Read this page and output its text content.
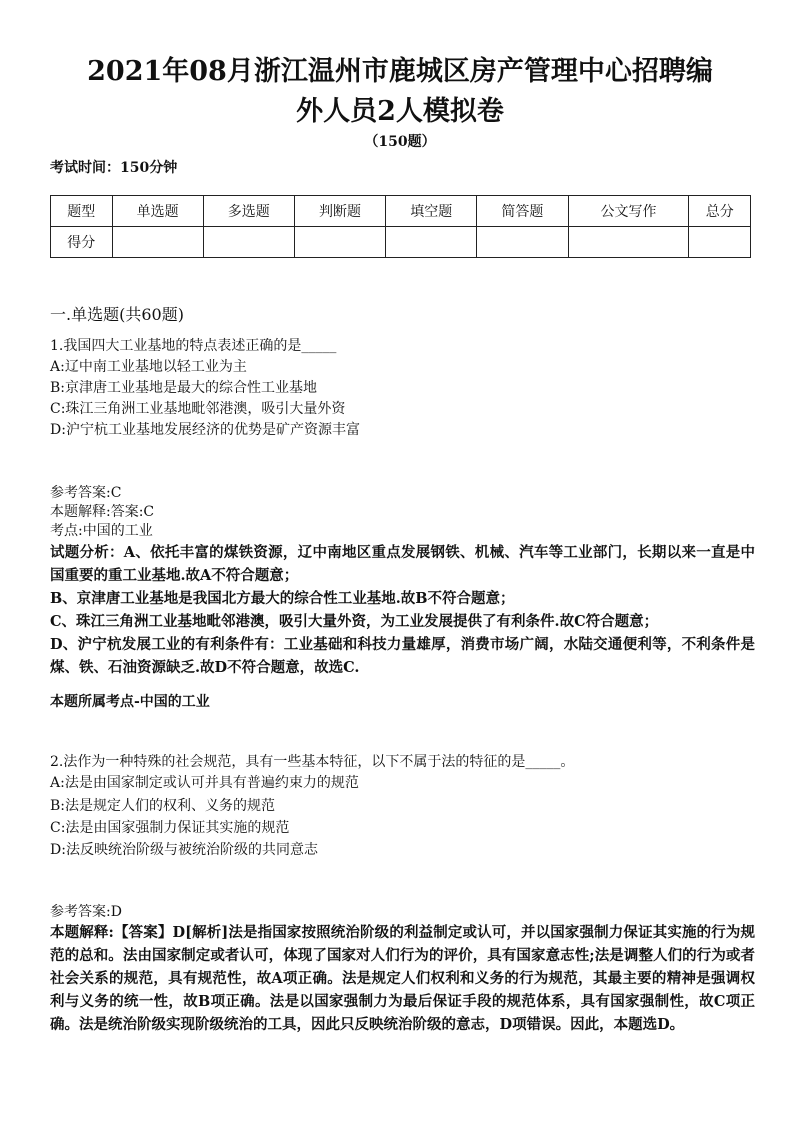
2021年08月浙江温州市鹿城区房产管理中心招聘编
外人员2人模拟卷
（150题）
考试时间：150分钟
题型	单选题	多选题	判断题	填空题	简答题	公文写作	总分
得分							
一.单选题(共60题)
1.我国四大工业基地的特点表述正确的是_____
A:辽中南工业基地以轻工业为主
B:京津唐工业基地是最大的综合性工业基地
C:珠江三角洲工业基地毗邻港澳，吸引大量外资
D:沪宁杭工业基地发展经济的优势是矿产资源丰富
参考答案:C
本题解释:答案:C
考点:中国的工业
试题分析：A、依托丰富的煤铁资源，辽中南地区重点发展钢铁、机械、汽车等工业部门，长期以来一直是中国重要的重工业基地.故A不符合题意；
B、京津唐工业基地是我国北方最大的综合性工业基地.故B不符合题意；
C、珠江三角洲工业基地毗邻港澳，吸引大量外资，为工业发展提供了有利条件.故C符合题意；
D、沪宁杭发展工业的有利条件有：工业基础和科技力量雄厚，消费市场广阔，水陆交通便利等，不利条件是煤、铁、石油资源缺乏.故D不符合题意，故选C.
本题所属考点-中国的工业
2.法作为一种特殊的社会规范，具有一些基本特征，以下不属于法的特征的是_____。
A:法是由国家制定或认可并具有普遍约束力的规范
B:法是规定人们的权利、义务的规范
C:法是由国家强制力保证其实施的规范
D:法反映统治阶级与被统治阶级的共同意志
参考答案:D
本题解释:【答案】D[解析]法是指国家按照统治阶级的利益制定或认可，并以国家强制力保证其实施的行为规范的总和。法由国家制定或者认可，体现了国家对人们行为的评价，具有国家意志性;法是调整人们的行为或者社会关系的规范，具有规范性，故A项正确。法是规定人们权利和义务的行为规范，其最主要的精神是强调权利与义务的统一性，故B项正确。法是以国家强制力为最后保证手段的规范体系，具有国家强制性，故C项正确。法是统治阶级实现阶级统治的工具，因此只反映统治阶级的意志，D项错误。因此，本题选D。
